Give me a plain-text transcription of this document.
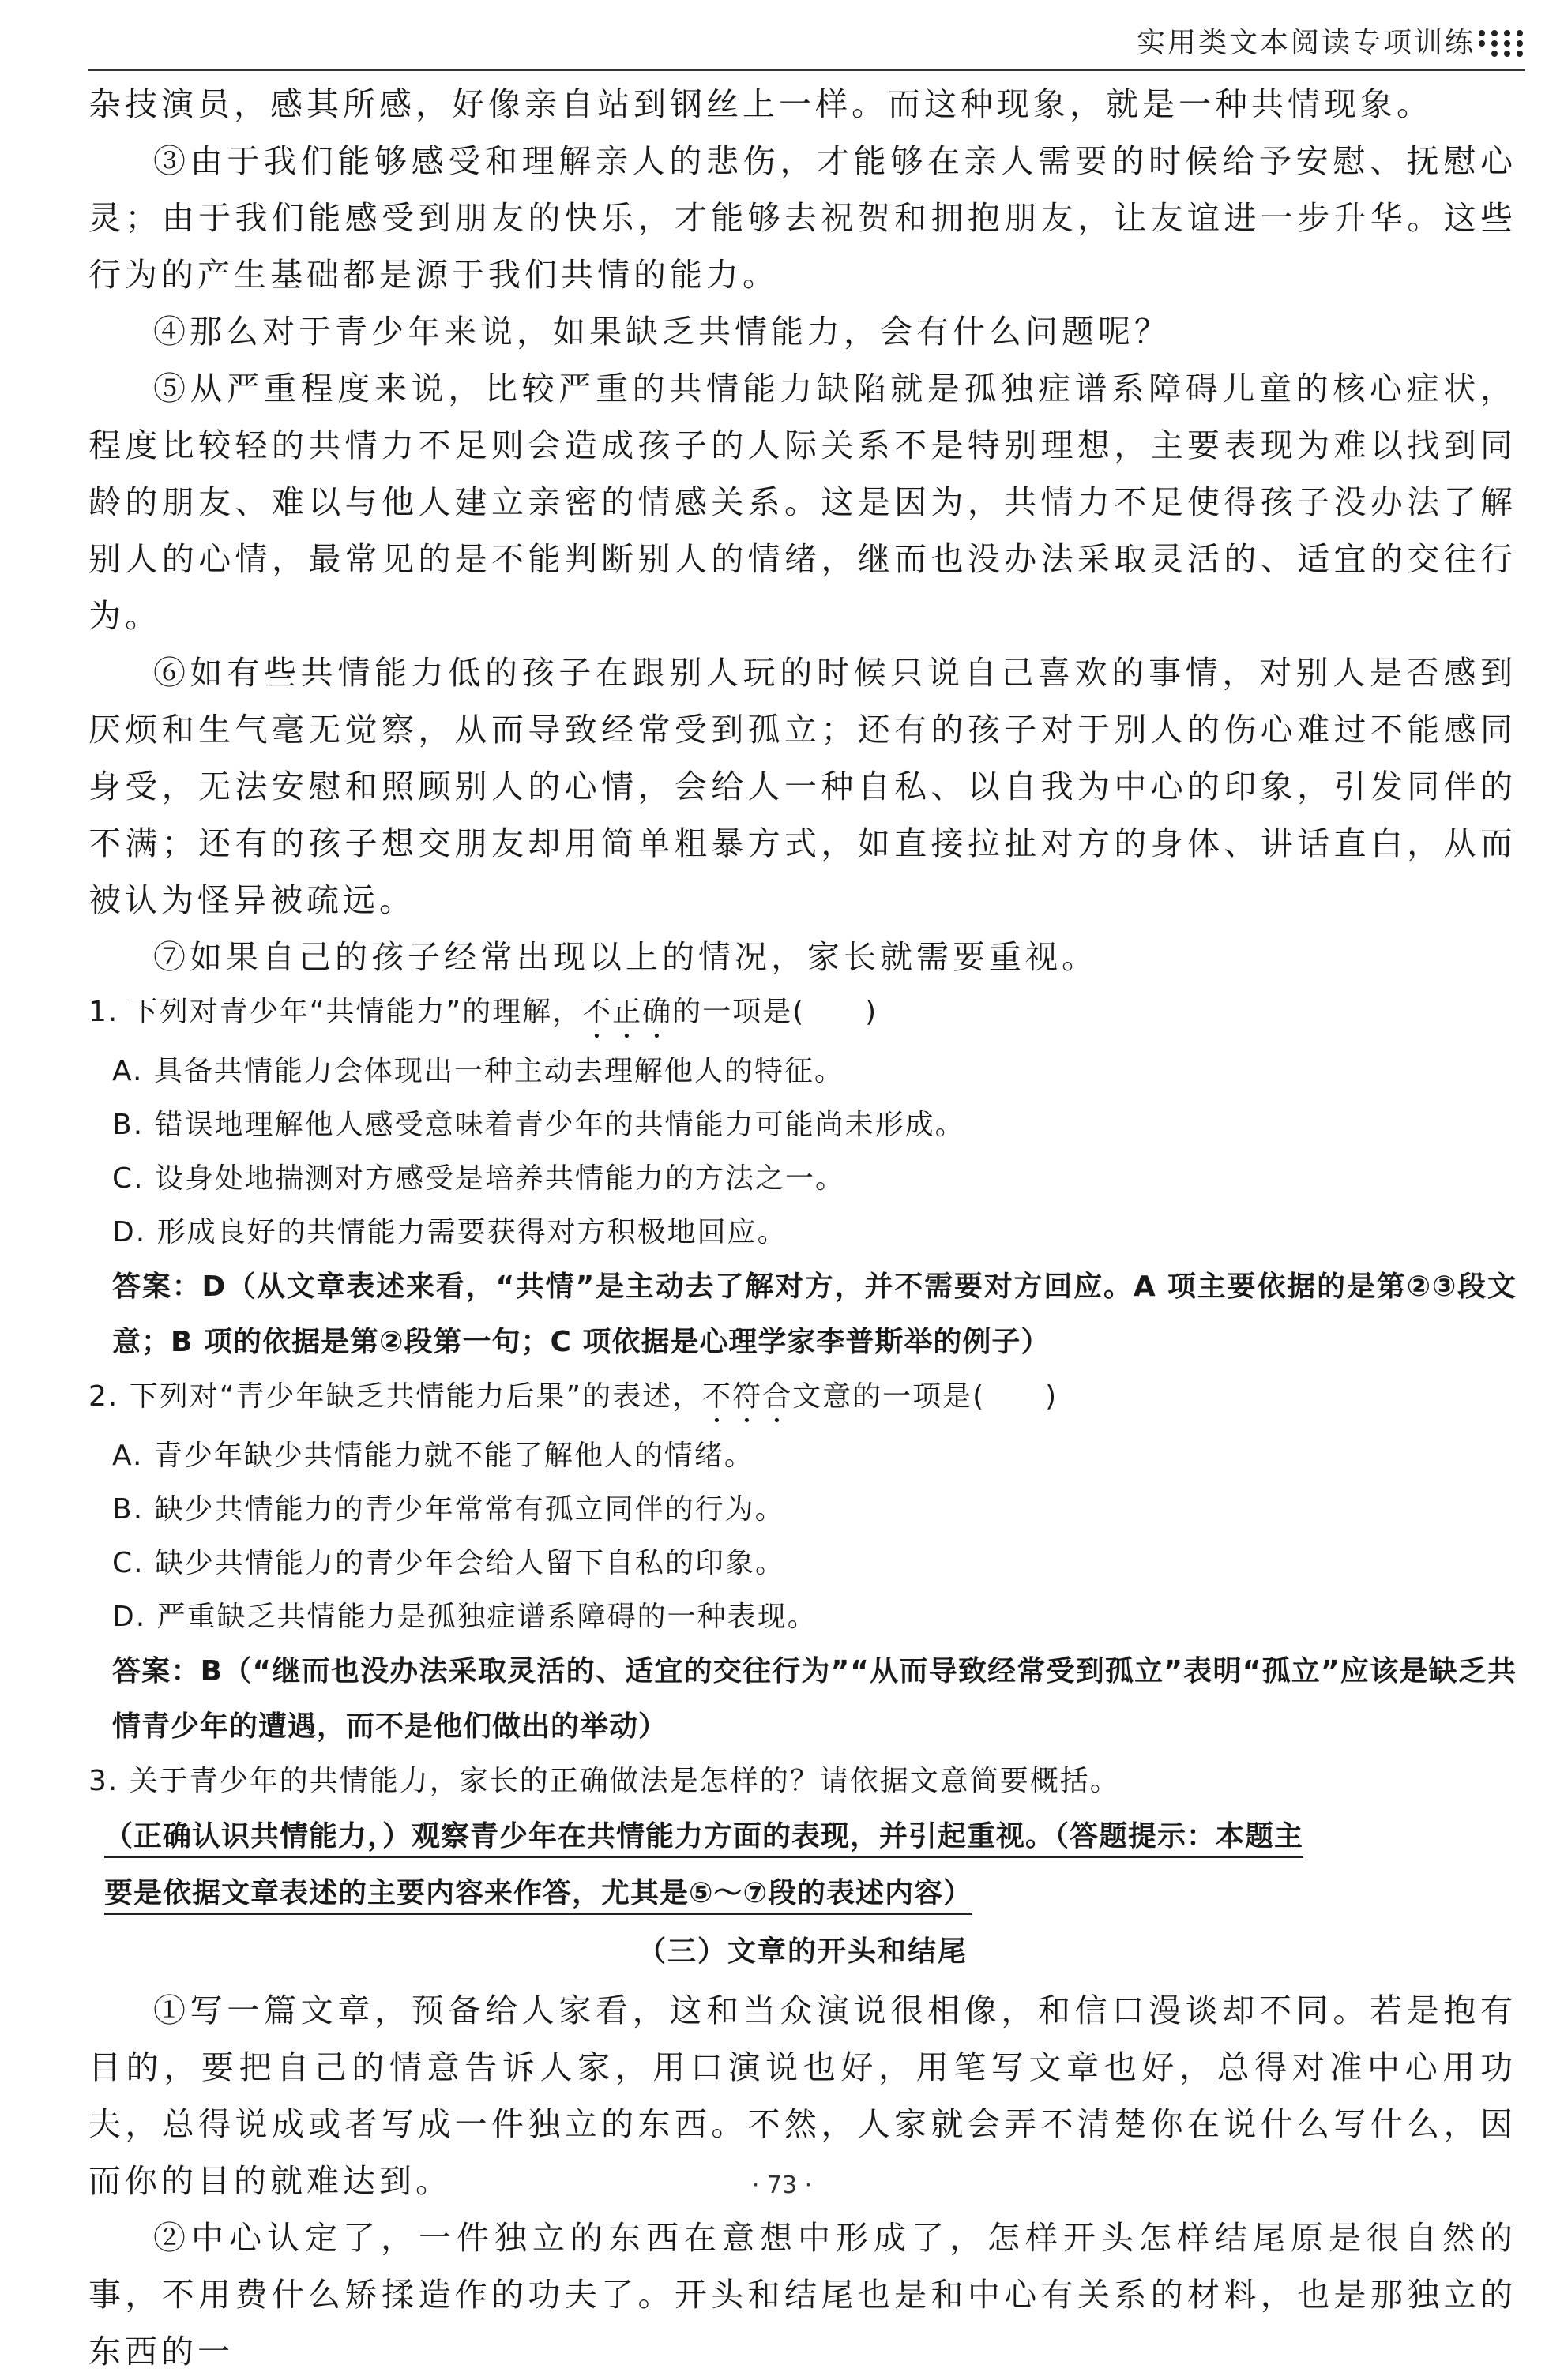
实用类文本阅读专项训练

杂技演员，感其所感，好像亲自站到钢丝上一样。而这种现象，就是一种共情现象。

③由于我们能够感受和理解亲人的悲伤，才能够在亲人需要的时候给予安慰、抚慰心灵；由于我们能感受到朋友的快乐，才能够去祝贺和拥抱朋友，让友谊进一步升华。这些行为的产生基础都是源于我们共情的能力。

④那么对于青少年来说，如果缺乏共情能力，会有什么问题呢？

⑤从严重程度来说，比较严重的共情能力缺陷就是孤独症谱系障碍儿童的核心症状，程度比较轻的共情力不足则会造成孩子的人际关系不是特别理想，主要表现为难以找到同龄的朋友、难以与他人建立亲密的情感关系。这是因为，共情力不足使得孩子没办法了解别人的心情，最常见的是不能判断别人的情绪，继而也没办法采取灵活的、适宜的交往行为。

⑥如有些共情能力低的孩子在跟别人玩的时候只说自己喜欢的事情，对别人是否感到厌烦和生气毫无觉察，从而导致经常受到孤立；还有的孩子对于别人的伤心难过不能感同身受，无法安慰和照顾别人的心情，会给人一种自私、以自我为中心的印象，引发同伴的不满；还有的孩子想交朋友却用简单粗暴方式，如直接拉扯对方的身体、讲话直白，从而被认为怪异被疏远。

⑦如果自己的孩子经常出现以上的情况，家长就需要重视。

1. 下列对青少年“共情能力”的理解，不正确的一项是(　　)

A. 具备共情能力会体现出一种主动去理解他人的特征。

B. 错误地理解他人感受意味着青少年的共情能力可能尚未形成。

C. 设身处地揣测对方感受是培养共情能力的方法之一。

D. 形成良好的共情能力需要获得对方积极地回应。

答案：D（从文章表述来看，“共情”是主动去了解对方，并不需要对方回应。A 项主要依据的是第②③段文意；B 项的依据是第②段第一句；C 项依据是心理学家李普斯举的例子）

2. 下列对“青少年缺乏共情能力后果”的表述，不符合文意的一项是(　　)

A. 青少年缺少共情能力就不能了解他人的情绪。

B. 缺少共情能力的青少年常常有孤立同伴的行为。

C. 缺少共情能力的青少年会给人留下自私的印象。

D. 严重缺乏共情能力是孤独症谱系障碍的一种表现。

答案：B（“继而也没办法采取灵活的、适宜的交往行为”“从而导致经常受到孤立”表明“孤立”应该是缺乏共情青少年的遭遇，而不是他们做出的举动）

3. 关于青少年的共情能力，家长的正确做法是怎样的？请依据文意简要概括。

（正确认识共情能力，）观察青少年在共情能力方面的表现，并引起重视。（答题提示：本题主

要是依据文章表述的主要内容来作答，尤其是⑤～⑦段的表述内容）

（三）文章的开头和结尾

①写一篇文章，预备给人家看，这和当众演说很相像，和信口漫谈却不同。若是抱有目的，要把自己的情意告诉人家，用口演说也好，用笔写文章也好，总得对准中心用功夫，总得说成或者写成一件独立的东西。不然，人家就会弄不清楚你在说什么写什么，因而你的目的就难达到。

②中心认定了，一件独立的东西在意想中形成了，怎样开头怎样结尾原是很自然的事，不用费什么矫揉造作的功夫了。开头和结尾也是和中心有关系的材料，也是那独立的东西的一

· 73 ·
